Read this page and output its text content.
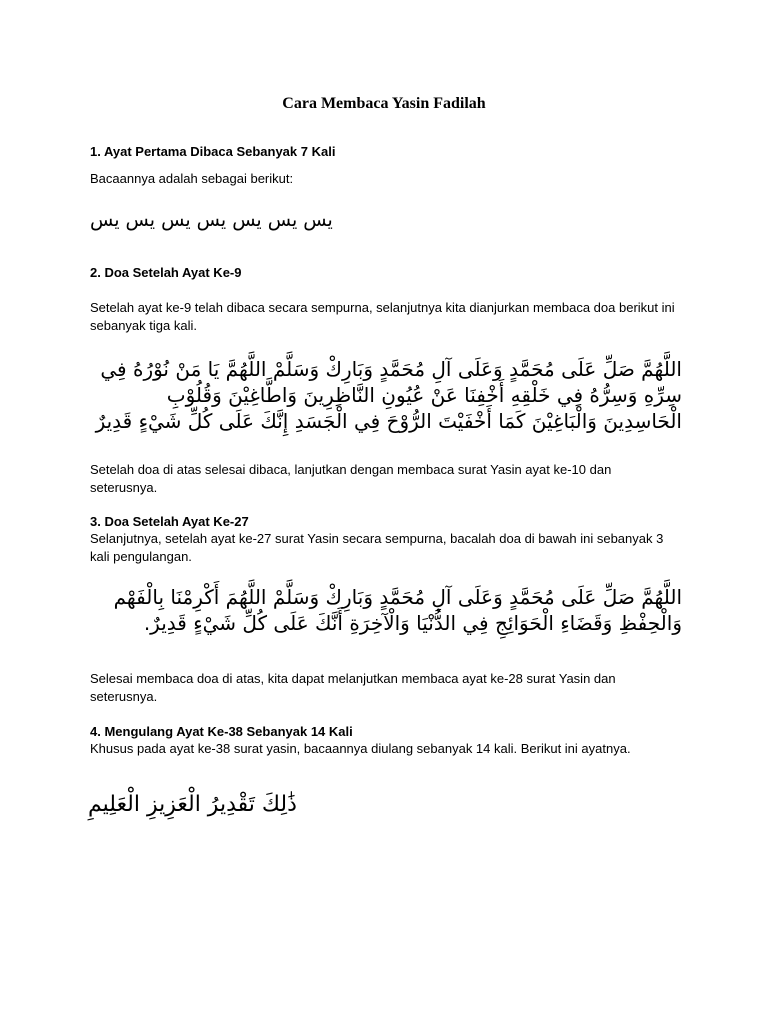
Cara Membaca Yasin Fadilah
1. Ayat Pertama Dibaca Sebanyak 7 Kali
Bacaannya adalah sebagai berikut:
يس يس يس يس يس يس يس
2. Doa Setelah Ayat Ke-9
Setelah ayat ke-9 telah dibaca secara sempurna, selanjutnya kita dianjurkan membaca doa berikut ini sebanyak tiga kali.
اللَّهُمَّ صَلِّ عَلَى مُحَمَّدٍ وَعَلَى آلِ مُحَمَّدٍ وَبَارِكْ وَسَلَّمْ اللَّهُمَّ يَا مَنْ نُوْرُهُ فِي
سِرِّهِ وَسِرُّهُ فِي خَلْقِهِ أَخْفِنَا عَنْ عُيُونِ النَّاظِرِينَ وَاطَّاغِيْنَ وَقُلُوْبِ
الْحَاسِدِينَ وَالْبَاغِيْنَ كَمَا أَخْفَيْتَ الرُّوْحَ فِي الْجَسَدِ إِنَّكَ عَلَى كُلِّ شَيْءٍ قَدِيرٌ
Setelah doa di atas selesai dibaca, lanjutkan dengan membaca surat Yasin ayat ke-10 dan seterusnya.
3. Doa Setelah Ayat Ke-27
Selanjutnya, setelah ayat ke-27 surat Yasin secara sempurna, bacalah doa di bawah ini sebanyak 3 kali pengulangan.
اللَّهُمَّ صَلِّ عَلَى مُحَمَّدٍ وَعَلَى آلِ مُحَمَّدٍ وَبَارِكْ وَسَلَّمْ اللَّهُمَ أَكْرِمْنَا بِالْفَهْم
وَالْحِفْظِ وَقَضَاءِ الْحَوَائِجِ فِي الدُّنْيَا وَالْآخِرَةِ أَنَّكَ عَلَى كُلِّ شَيْءٍ قَدِيرٌ.
Selesai membaca doa di atas, kita dapat melanjutkan membaca ayat ke-28 surat Yasin dan seterusnya.
4. Mengulang Ayat Ke-38 Sebanyak 14 Kali
Khusus pada ayat ke-38 surat yasin, bacaannya diulang sebanyak 14 kali. Berikut ini ayatnya.
ذَٰلِكَ تَقْدِيرُ الْعَزِيزِ الْعَلِيمِ
